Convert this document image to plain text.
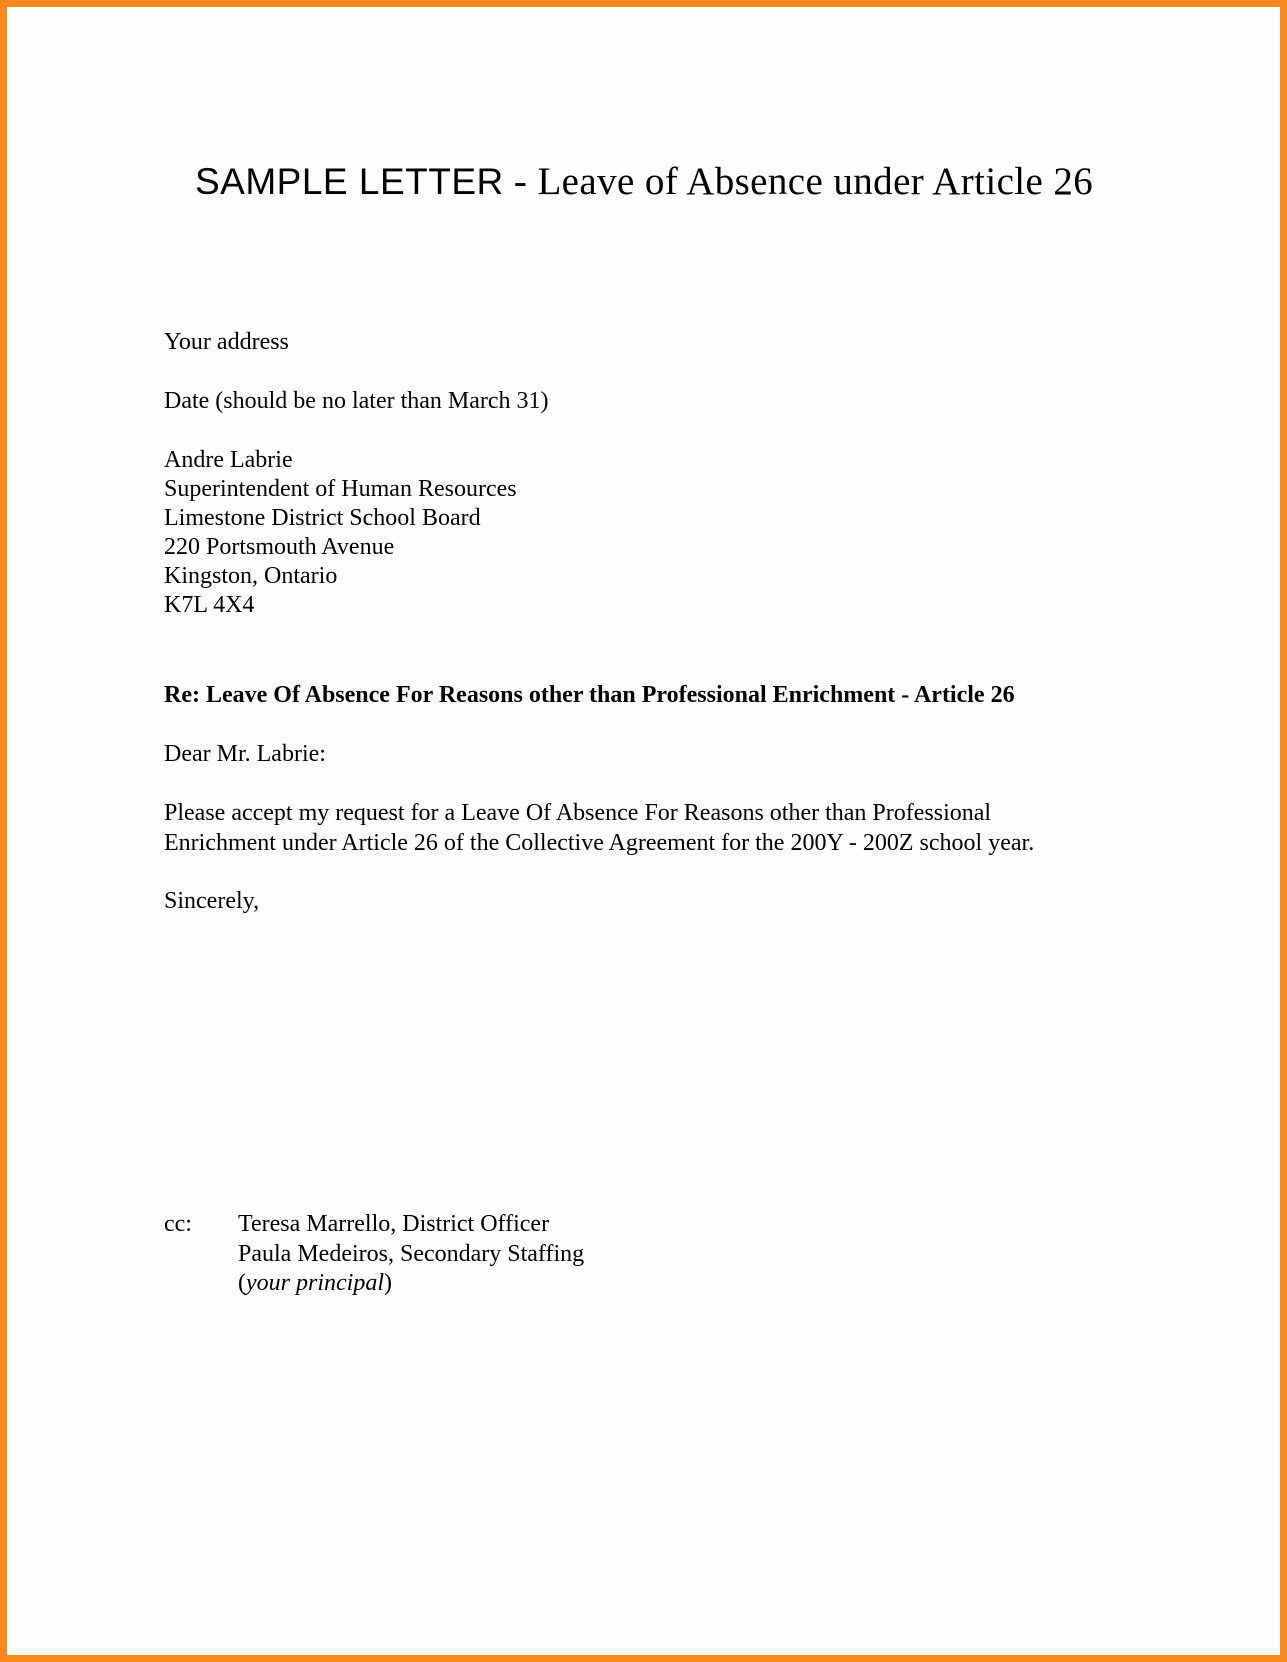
SAMPLE LETTER - Leave of Absence under Article 26
Your address
Date (should be no later than March 31)
Andre Labrie
Superintendent of Human Resources
Limestone District School Board
220 Portsmouth Avenue
Kingston, Ontario
K7L 4X4
Re: Leave Of Absence For Reasons other than Professional Enrichment - Article 26
Dear Mr. Labrie:
Please accept my request for a Leave Of Absence For Reasons other than Professional
Enrichment under Article 26 of the Collective Agreement for the 200Y - 200Z school year.
Sincerely,
cc: Teresa Marrello, District Officer
Paula Medeiros, Secondary Staffing
(your principal)
